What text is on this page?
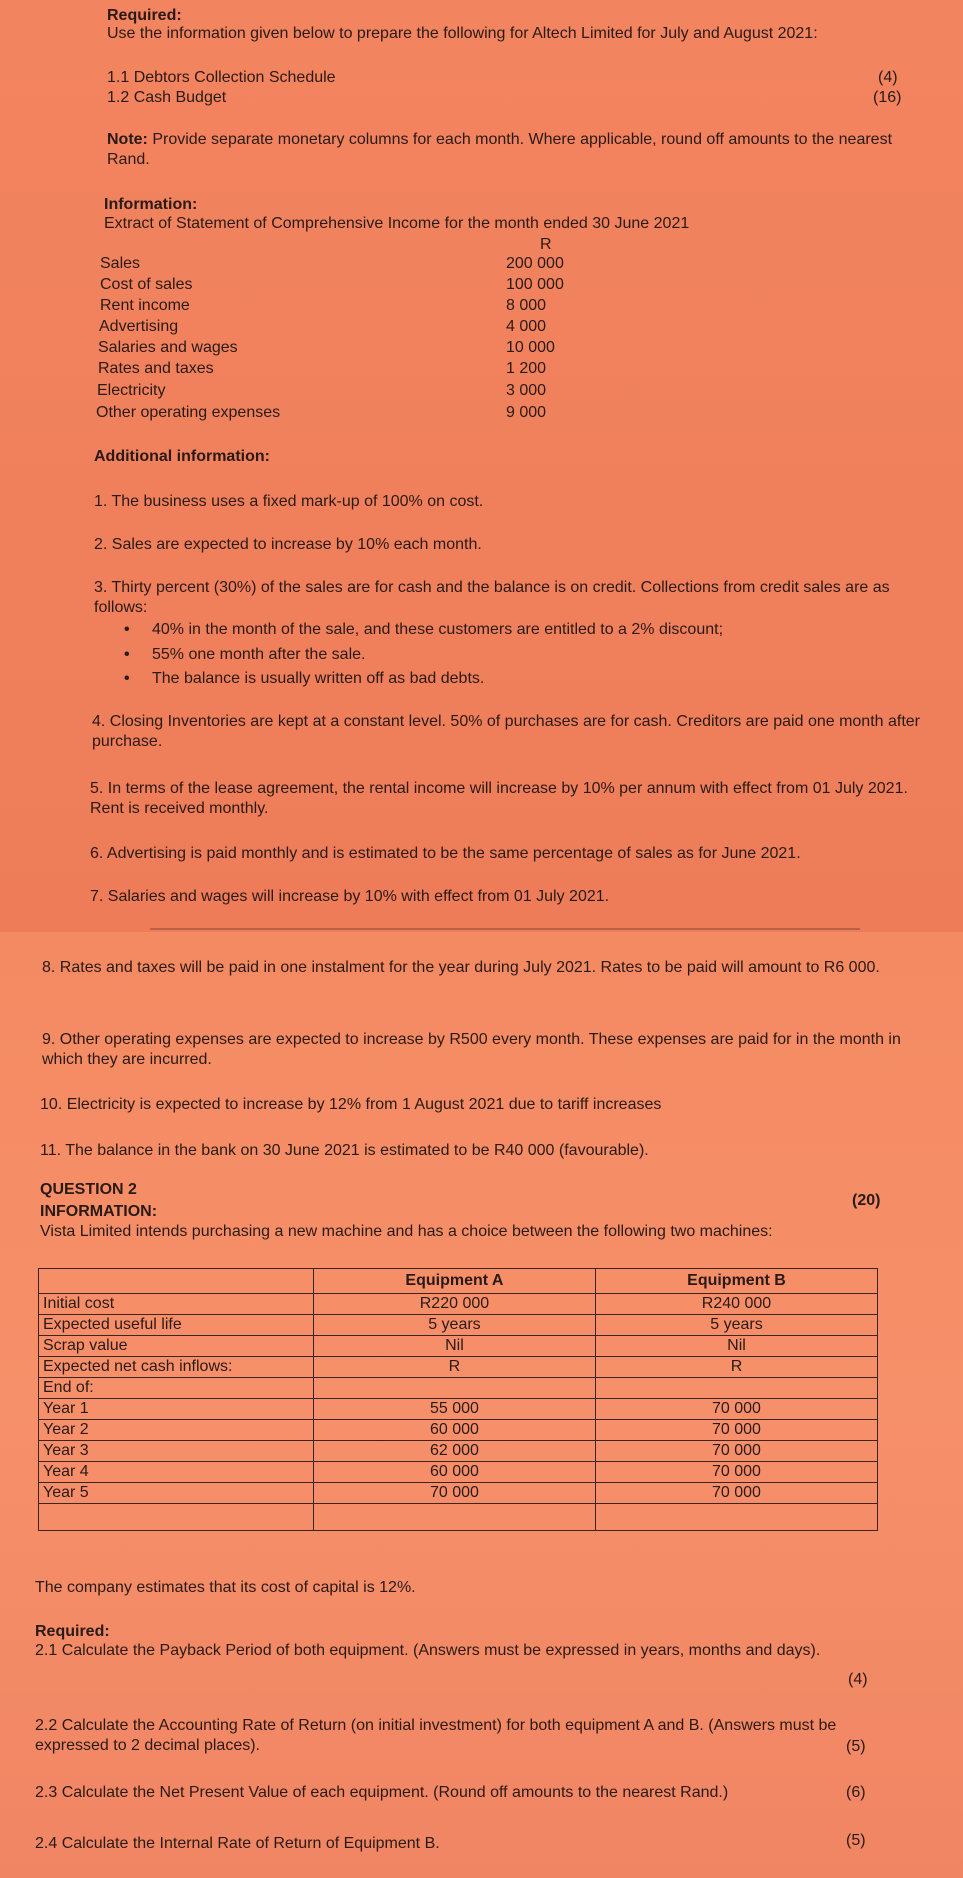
Required:
Use the information given below to prepare the following for Altech Limited for July and August 2021:
1.1 Debtors Collection Schedule	(4)
1.2 Cash Budget	(16)
Note: Provide separate monetary columns for each month. Where applicable, round off amounts to the nearest Rand.
Information:
Extract of Statement of Comprehensive Income for the month ended 30 June 2021
R
Sales	200 000
Cost of sales	100 000
Rent income	8 000
Advertising	4 000
Salaries and wages	10 000
Rates and taxes	1 200
Electricity	3 000
Other operating expenses	9 000
Additional information:
1. The business uses a fixed mark-up of 100% on cost.
2. Sales are expected to increase by 10% each month.
3. Thirty percent (30%) of the sales are for cash and the balance is on credit. Collections from credit sales are as follows:
• 40% in the month of the sale, and these customers are entitled to a 2% discount;
• 55% one month after the sale.
• The balance is usually written off as bad debts.
4. Closing Inventories are kept at a constant level. 50% of purchases are for cash. Creditors are paid one month after purchase.
5. In terms of the lease agreement, the rental income will increase by 10% per annum with effect from 01 July 2021. Rent is received monthly.
6. Advertising is paid monthly and is estimated to be the same percentage of sales as for June 2021.
7. Salaries and wages will increase by 10% with effect from 01 July 2021.
8. Rates and taxes will be paid in one instalment for the year during July 2021. Rates to be paid will amount to R6 000.
9. Other operating expenses are expected to increase by R500 every month. These expenses are paid for in the month in which they are incurred.
10. Electricity is expected to increase by 12% from 1 August 2021 due to tariff increases
11. The balance in the bank on 30 June 2021 is estimated to be R40 000 (favourable).
QUESTION 2
(20)
INFORMATION:
Vista Limited intends purchasing a new machine and has a choice between the following two machines:
	Equipment A	Equipment B
Initial cost	R220 000	R240 000
Expected useful life	5 years	5 years
Scrap value	Nil	Nil
Expected net cash inflows:	R	R
End of:		
Year 1	55 000	70 000
Year 2	60 000	70 000
Year 3	62 000	70 000
Year 4	60 000	70 000
Year 5	70 000	70 000

The company estimates that its cost of capital is 12%.
Required:
2.1 Calculate the Payback Period of both equipment. (Answers must be expressed in years, months and days).
(4)
2.2 Calculate the Accounting Rate of Return (on initial investment) for both equipment A and B. (Answers must be expressed to 2 decimal places).	(5)
2.3 Calculate the Net Present Value of each equipment. (Round off amounts to the nearest Rand.)	(6)
2.4 Calculate the Internal Rate of Return of Equipment B.	(5)
